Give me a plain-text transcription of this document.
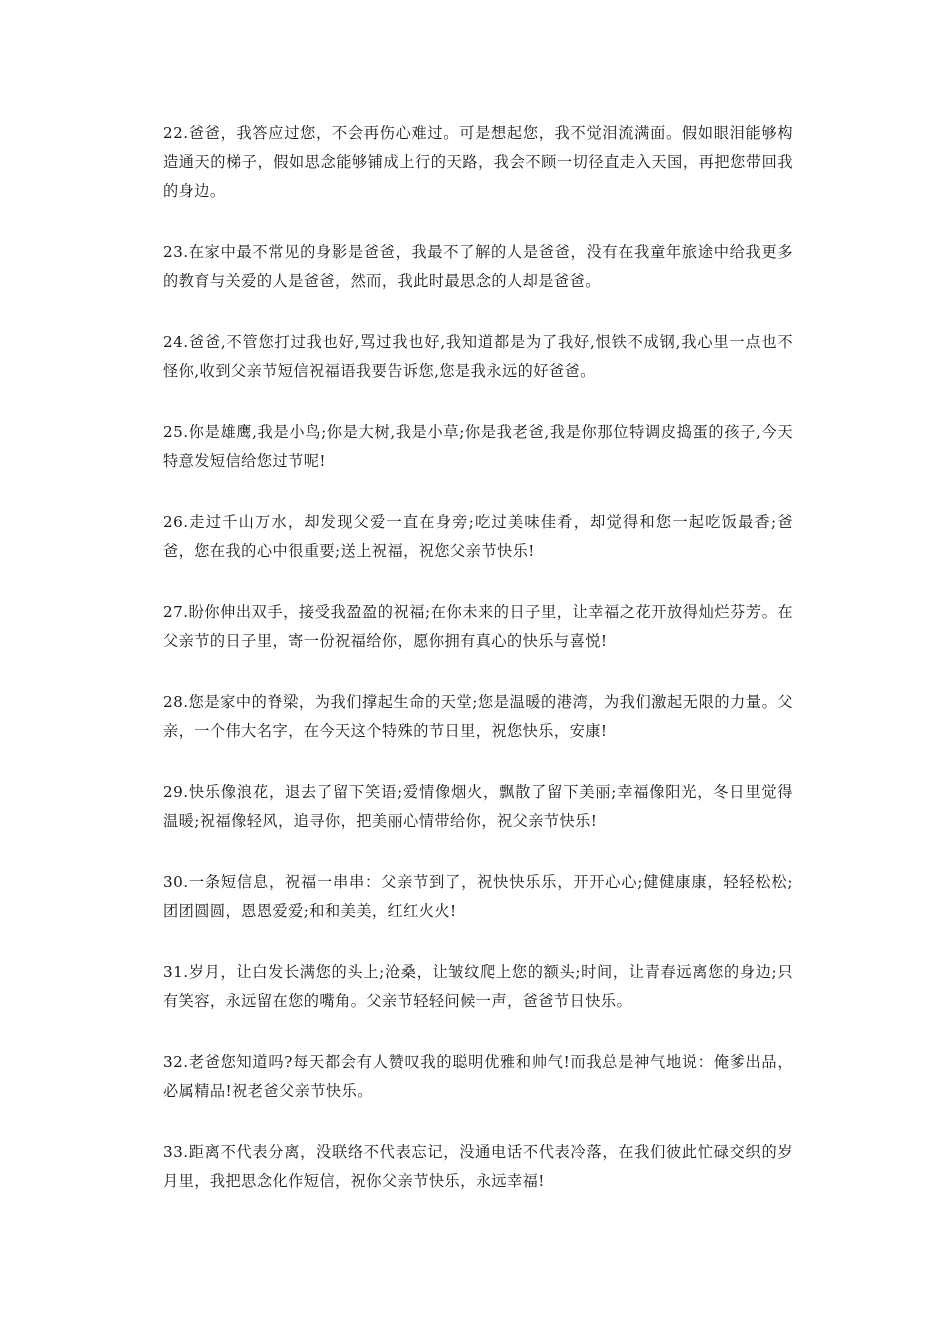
22.爸爸，我答应过您，不会再伤心难过。可是想起您，我不觉泪流满面。假如眼泪能够构造通天的梯子，假如思念能够铺成上行的天路，我会不顾一切径直走入天国，再把您带回我的身边。

23.在家中最不常见的身影是爸爸，我最不了解的人是爸爸，没有在我童年旅途中给我更多的教育与关爱的人是爸爸，然而，我此时最思念的人却是爸爸。

24.爸爸,不管您打过我也好,骂过我也好,我知道都是为了我好,恨铁不成钢,我心里一点也不怪你,收到父亲节短信祝福语我要告诉您,您是我永远的好爸爸。

25.你是雄鹰,我是小鸟;你是大树,我是小草;你是我老爸,我是你那位特调皮捣蛋的孩子,今天特意发短信给您过节呢!

26.走过千山万水，却发现父爱一直在身旁;吃过美味佳肴，却觉得和您一起吃饭最香;爸爸，您在我的心中很重要;送上祝福，祝您父亲节快乐!

27.盼你伸出双手，接受我盈盈的祝福;在你未来的日子里，让幸福之花开放得灿烂芬芳。在父亲节的日子里，寄一份祝福给你，愿你拥有真心的快乐与喜悦!

28.您是家中的脊梁，为我们撑起生命的天堂;您是温暖的港湾，为我们激起无限的力量。父亲，一个伟大名字，在今天这个特殊的节日里，祝您快乐，安康!

29.快乐像浪花，退去了留下笑语;爱情像烟火，飘散了留下美丽;幸福像阳光，冬日里觉得温暖;祝福像轻风，追寻你，把美丽心情带给你，祝父亲节快乐!

30.一条短信息，祝福一串串：父亲节到了，祝快快乐乐，开开心心;健健康康，轻轻松松;团团圆圆，恩恩爱爱;和和美美，红红火火!

31.岁月，让白发长满您的头上;沧桑，让皱纹爬上您的额头;时间，让青春远离您的身边;只有笑容，永远留在您的嘴角。父亲节轻轻问候一声，爸爸节日快乐。

32.老爸您知道吗?每天都会有人赞叹我的聪明优雅和帅气!而我总是神气地说：俺爹出品，必属精品!祝老爸父亲节快乐。

33.距离不代表分离，没联络不代表忘记，没通电话不代表冷落，在我们彼此忙碌交织的岁月里，我把思念化作短信，祝你父亲节快乐，永远幸福!
